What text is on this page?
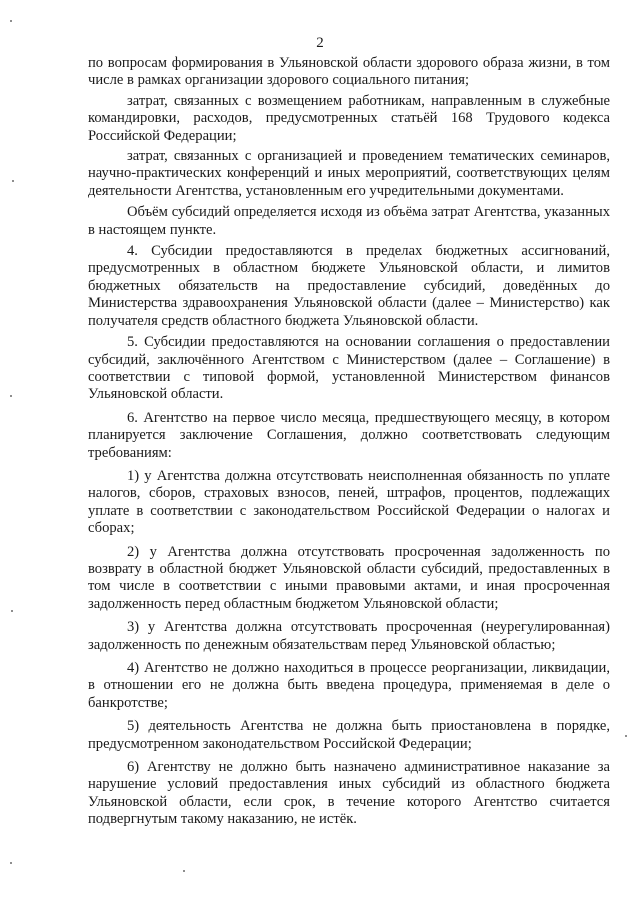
2

по вопросам формирования в Ульяновской области здорового образа жизни, в том числе в рамках организации здорового социального питания;

затрат, связанных с возмещением работникам, направленным в служебные командировки, расходов, предусмотренных статьёй 168 Трудового кодекса Российской Федерации;

затрат, связанных с организацией и проведением тематических семинаров, научно-практических конференций и иных мероприятий, соответствующих целям деятельности Агентства, установленным его учредительными документами.

Объём субсидий определяется исходя из объёма затрат Агентства, указанных в настоящем пункте.

4. Субсидии предоставляются в пределах бюджетных ассигнований, предусмотренных в областном бюджете Ульяновской области, и лимитов бюджетных обязательств на предоставление субсидий, доведённых до Министерства здравоохранения Ульяновской области (далее – Министерство) как получателя средств областного бюджета Ульяновской области.

5. Субсидии предоставляются на основании соглашения о предоставлении субсидий, заключённого Агентством с Министерством (далее – Соглашение) в соответствии с типовой формой, установленной Министерством финансов Ульяновской области.

6. Агентство на первое число месяца, предшествующего месяцу, в котором планируется заключение Соглашения, должно соответствовать следующим требованиям:

1) у Агентства должна отсутствовать неисполненная обязанность по уплате налогов, сборов, страховых взносов, пеней, штрафов, процентов, подлежащих уплате в соответствии с законодательством Российской Федерации о налогах и сборах;

2) у Агентства должна отсутствовать просроченная задолженность по возврату в областной бюджет Ульяновской области субсидий, предоставленных в том числе в соответствии с иными правовыми актами, и иная просроченная задолженность перед областным бюджетом Ульяновской области;

3) у Агентства должна отсутствовать просроченная (неурегулированная) задолженность по денежным обязательствам перед Ульяновской областью;

4) Агентство не должно находиться в процессе реорганизации, ликвидации, в отношении его не должна быть введена процедура, применяемая в деле о банкротстве;

5) деятельность Агентства не должна быть приостановлена в порядке, предусмотренном законодательством Российской Федерации;

6) Агентству не должно быть назначено административное наказание за нарушение условий предоставления иных субсидий из областного бюджета Ульяновской области, если срок, в течение которого Агентство считается подвергнутым такому наказанию, не истёк.
